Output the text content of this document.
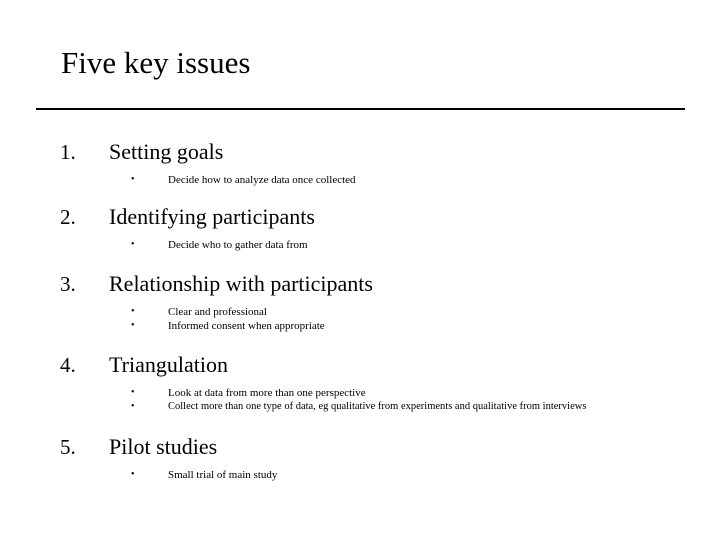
Five key issues
1. Setting goals
•	Decide how to analyze data once collected
2. Identifying participants
•	Decide who to gather data from
3. Relationship with participants
•	Clear and professional
•	Informed consent when appropriate
4. Triangulation
•	Look at data from more than one perspective
•	Collect more than one type of data, eg qualitative from experiments and qualitative from interviews
5. Pilot studies
•	Small trial of main study
